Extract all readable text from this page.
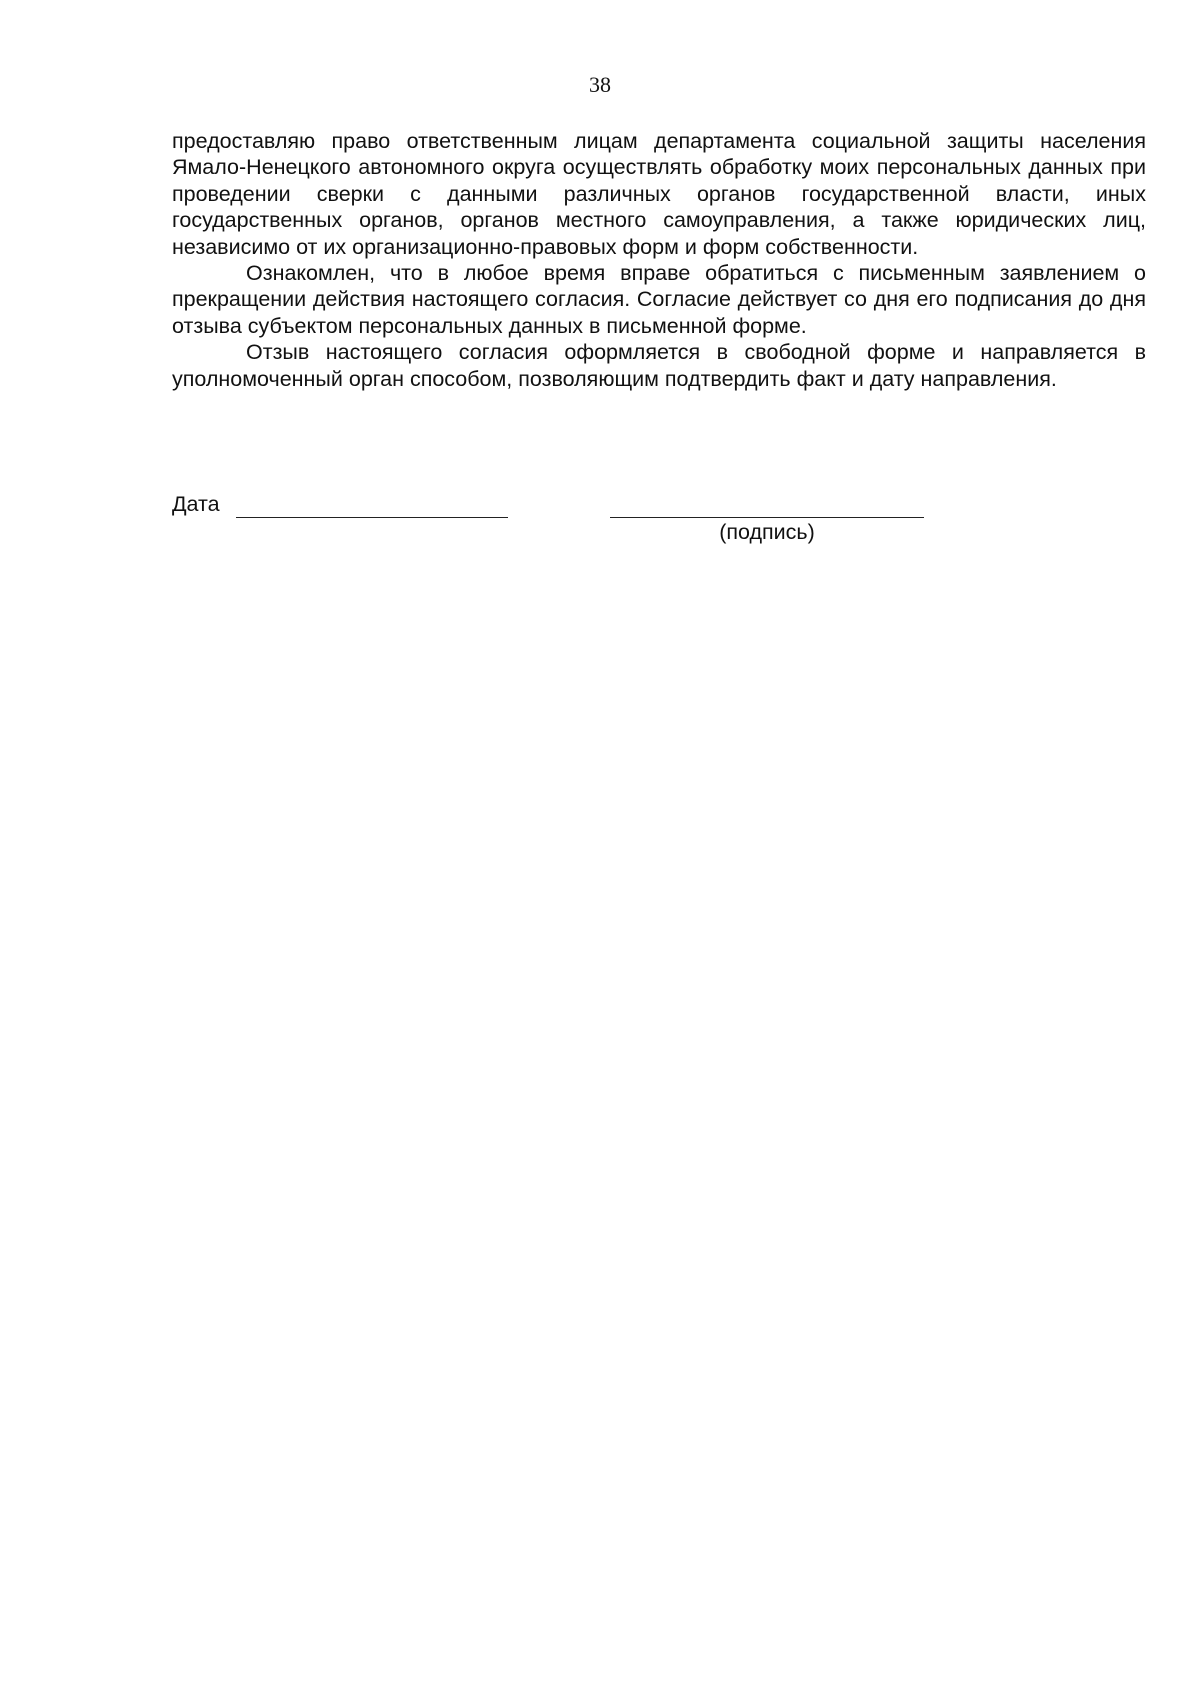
38

предоставляю право ответственным лицам департамента социальной защиты населения Ямало-Ненецкого автономного округа осуществлять обработку моих персональных данных при проведении сверки с данными различных органов государственной власти, иных государственных органов, органов местного самоуправления, а также юридических лиц, независимо от их организационно-правовых форм и форм собственности.

Ознакомлен, что в любое время вправе обратиться с письменным заявлением о прекращении действия настоящего согласия. Согласие действует со дня его подписания до дня отзыва субъектом персональных данных в письменной форме.

Отзыв настоящего согласия оформляется в свободной форме и направляется в уполномоченный орган способом, позволяющим подтвердить факт и дату направления.

Дата
(подпись)
